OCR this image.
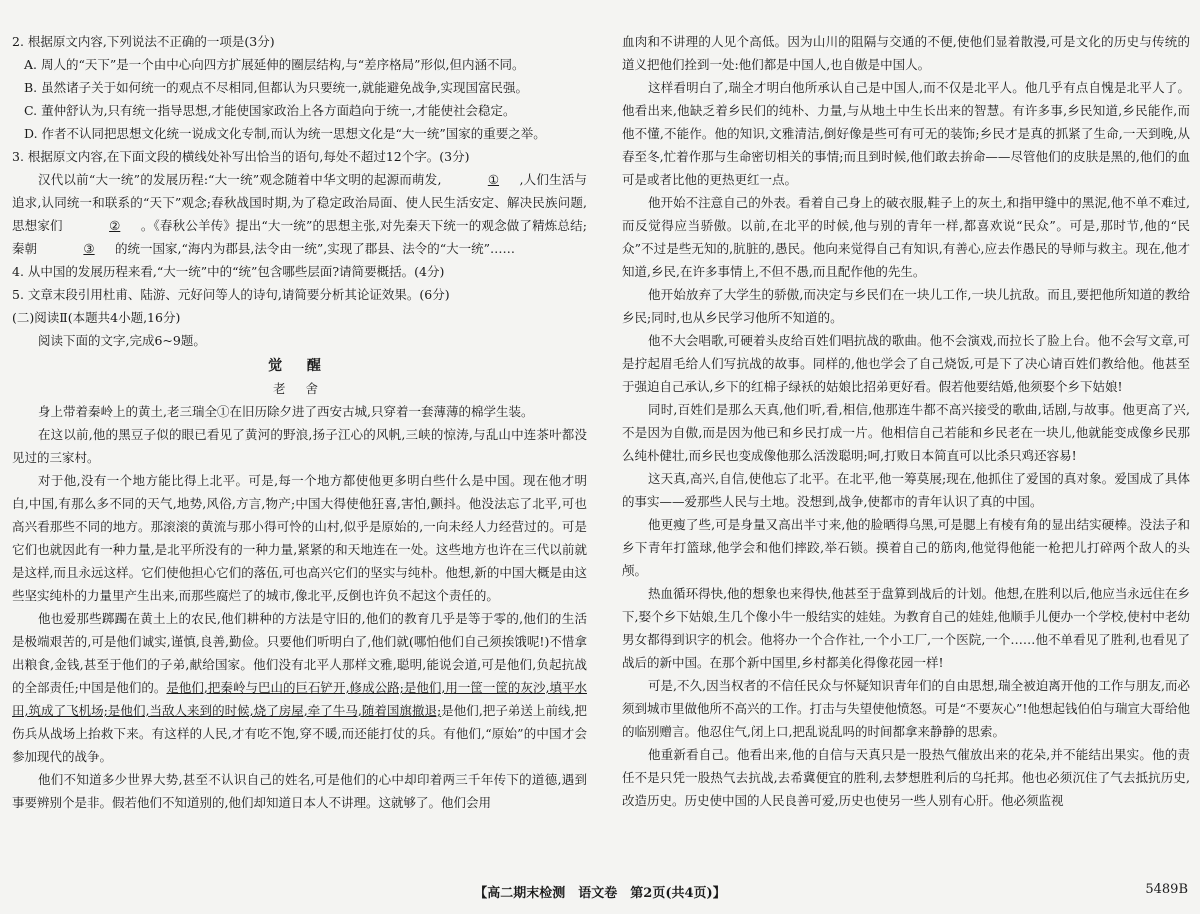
2. 根据原文内容,下列说法不正确的一项是(3分)

A. 周人的“天下”是一个由中心向四方扩展延伸的圈层结构,与“差序格局”形似,但内涵不同。

B. 虽然诸子关于如何统一的观点不尽相同,但都认为只要统一,就能避免战争,实现国富民强。

C. 董仲舒认为,只有统一指导思想,才能使国家政治上各方面趋向于统一,才能使社会稳定。

D. 作者不认同把思想文化统一说成文化专制,而认为统一思想文化是“大一统”国家的重要之举。

3. 根据原文内容,在下面文段的横线处补写出恰当的语句,每处不超过12个字。(3分)

汉代以前“大一统”的发展历程:“大一统”观念随着中华文明的起源而萌发,	① ,人们生活与追求,认同统一和联系的“天下”观念;春秋战国时期,为了稳定政治局面、使人民生活安定、解决民族问题,思想家们	② 。《春秋公羊传》提出“大一统”的思想主张,对先秦天下统一的观念做了精炼总结;秦朝	③ 的统一国家,“海内为郡县,法令由一统”,实现了郡县、法令的“大一统”……

4. 从中国的发展历程来看,“大一统”中的“统”包含哪些层面?请简要概括。(4分)

5. 文章末段引用杜甫、陆游、元好问等人的诗句,请简要分析其论证效果。(6分)

(二)阅读Ⅱ(本题共4小题,16分)

阅读下面的文字,完成6~9题。

觉 醒
老 舍

身上带着秦岭上的黄土,老三瑞全①在旧历除夕进了西安古城,只穿着一套薄薄的棉学生装。

在这以前,他的黑豆子似的眼已看见了黄河的野浪,扬子江心的风帆,三峡的惊涛,与乱山中连茶叶都没见过的三家村。

对于他,没有一个地方能比得上北平。可是,每一个地方都使他更多明白些什么是中国。现在他才明白,中国,有那么多不同的天气,地势,风俗,方言,物产;中国大得使他狂喜,害怕,颤抖。他没法忘了北平,可也高兴看那些不同的地方。那滚滚的黄流与那小得可怜的山村,似乎是原始的,一向未经人力经营过的。可是它们也就因此有一种力量,是北平所没有的一种力量,紧紧的和天地连在一处。这些地方也许在三代以前就是这样,而且永远这样。它们使他担心它们的落伍,可也高兴它们的坚实与纯朴。他想,新的中国大概是由这些坚实纯朴的力量里产生出来,而那些腐烂了的城市,像北平,反倒也许负不起这个责任的。

他也爱那些踯躅在黄土上的农民,他们耕种的方法是守旧的,他们的教育几乎是等于零的,他们的生活是极端艰苦的,可是他们诚实,谨慎,良善,勤俭。只要他们听明白了,他们就(哪怕他们自己须挨饿呢!)不惜拿出粮食,金钱,甚至于他们的子弟,献给国家。他们没有北平人那样文雅,聪明,能说会道,可是他们,负起抗战的全部责任;中国是他们的。是他们,把秦岭与巴山的巨石铲开,修成公路;是他们,用一筐一筐的灰沙,填平水田,筑成了飞机场;是他们,当敌人来到的时候,烧了房屋,牵了牛马,随着国旗撤退;是他们,把子弟送上前线,把伤兵从战场上抬救下来。有这样的人民,才有吃不饱,穿不暖,而还能打仗的兵。有他们,“原始”的中国才会参加现代的战争。

他们不知道多少世界大势,甚至不认识自己的姓名,可是他们的心中却印着两三千年传下的道德,遇到事要辨别个是非。假若他们不知道别的,他们却知道日本人不讲理。这就够了。他们会用

血肉和不讲理的人见个高低。因为山川的阻隔与交通的不便,使他们显着散漫,可是文化的历史与传统的道义把他们拴到一处:他们都是中国人,也自傲是中国人。

这样看明白了,瑞全才明白他所承认自己是中国人,而不仅是北平人。他几乎有点自愧是北平人了。他看出来,他缺乏着乡民们的纯朴、力量,与从地土中生长出来的智慧。有许多事,乡民知道,乡民能作,而他不懂,不能作。他的知识,文雅清洁,倒好像是些可有可无的装饰;乡民才是真的抓紧了生命,一天到晚,从春至冬,忙着作那与生命密切相关的事情;而且到时候,他们敢去拚命——尽管他们的皮肤是黑的,他们的血可是或者比他的更热更红一点。

他开始不注意自己的外表。看着自己身上的破衣服,鞋子上的灰土,和指甲缝中的黑泥,他不单不难过,而反觉得应当骄傲。以前,在北平的时候,他与别的青年一样,都喜欢说“民众”。可是,那时节,他的“民众”不过是些无知的,肮脏的,愚民。他向来觉得自己有知识,有善心,应去作愚民的导师与救主。现在,他才知道,乡民,在许多事情上,不但不愚,而且配作他的先生。

他开始放弃了大学生的骄傲,而决定与乡民们在一块儿工作,一块儿抗敌。而且,要把他所知道的教给乡民;同时,也从乡民学习他所不知道的。

他不大会唱歌,可硬着头皮给百姓们唱抗战的歌曲。他不会演戏,而拉长了脸上台。他不会写文章,可是拧起眉毛给人们写抗战的故事。同样的,他也学会了自己烧饭,可是下了决心请百姓们教给他。他甚至于强迫自己承认,乡下的红棉子绿袄的姑娘比招弟更好看。假若他要结婚,他须娶个乡下姑娘!

同时,百姓们是那么天真,他们听,看,相信,他那连牛都不高兴接受的歌曲,话剧,与故事。他更高了兴,不是因为自傲,而是因为他已和乡民打成一片。他相信自己若能和乡民老在一块儿,他就能变成像乡民那么纯朴健壮,而乡民也变成像他那么活泼聪明;呵,打败日本简直可以比杀只鸡还容易!

这天真,高兴,自信,使他忘了北平。在北平,他一筹莫展;现在,他抓住了爱国的真对象。爱国成了具体的事实——爱那些人民与土地。没想到,战争,使都市的青年认识了真的中国。

他更瘦了些,可是身量又高出半寸来,他的脸晒得乌黑,可是腮上有棱有角的显出结实硬棒。没法子和乡下青年打篮球,他学会和他们摔跤,举石锁。摸着自己的筋肉,他觉得他能一枪把儿打碎两个敌人的头颅。

热血循环得快,他的想象也来得快,他甚至于盘算到战后的计划。他想,在胜利以后,他应当永远住在乡下,娶个乡下姑娘,生几个像小牛一般结实的娃娃。为教育自己的娃娃,他顺手儿便办一个学校,使村中老幼男女都得到识字的机会。他将办一个合作社,一个小工厂,一个医院,一个……他不单看见了胜利,也看见了战后的新中国。在那个新中国里,乡村都美化得像花园一样!

可是,不久,因当权者的不信任民众与怀疑知识青年们的自由思想,瑞全被迫离开他的工作与朋友,而必须到城市里做他所不高兴的工作。打击与失望使他愤怒。可是“不要灰心”!他想起钱伯伯与瑞宣大哥给他的临别赠言。他忍住气,闭上口,把乱说乱吗的时间都拿来静静的思索。

他重新看自己。他看出来,他的自信与天真只是一股热气催放出来的花朵,并不能结出果实。他的责任不是只凭一股热气去抗战,去希冀便宜的胜利,去梦想胜利后的乌托邦。他也必须沉住了气去抵抗历史,改造历史。历史使中国的人民良善可爱,历史也使另一些人别有心肝。他必须监视

【高二期末检测　语文卷　第2页(共4页)】	5489B
